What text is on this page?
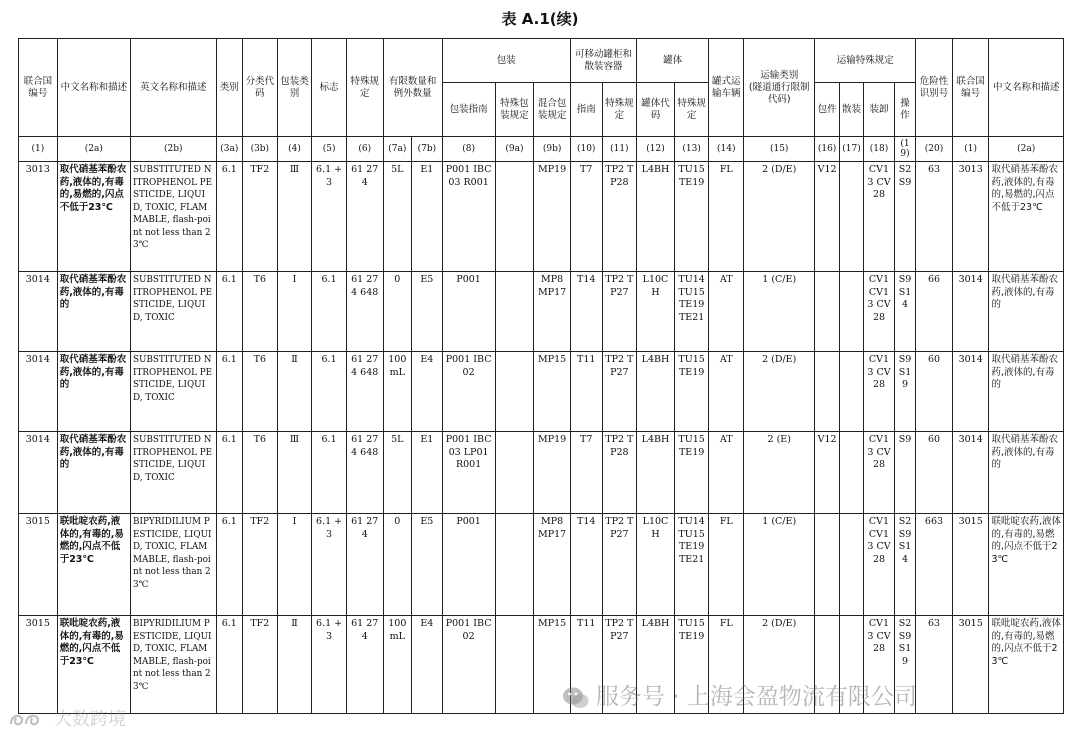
表 A.1(续)
联合国编号	中文名称和描述	英文名称和描述	类别	分类代码	包装类别	标志	特殊规定	有限数量和例外数量		包装			可移动罐柜和散装容器		罐体		罐式运输车辆	运输类别
(隧道通行限制代码)	运输特殊规定				危险性识别号	联合国编号	中文名称和描述
										包装指南	特殊包装规定	混合包装规定	指南	特殊规定	罐体代码	特殊规定			包件	散装	装卸	操作			
(1)	(2a)	(2b)	(3a)	(3b)	(4)	(5)	(6)	(7a)	(7b)	(8)	(9a)	(9b)	(10)	(11)	(12)	(13)	(14)	(15)	(16)	(17)	(18)	(19)	(20)	(1)	(2a)
3013	取代硝基苯酚农药,液体的,有毒的,易燃的,闪点不低于23℃	SUBSTITUTED NITROPHENOL PESTICIDE, LIQUID, TOXIC, FLAMMABLE, flash-point not less than 23℃	6.1	TF2	Ⅲ	6.1 + 3	61 274	5L	E1	P001 IBC03 R001		MP19	T7	TP2 TP28	L4BH	TU15 TE19	FL	2 (D/E)	V12		CV13 CV28	S2 S9	63	3013	取代硝基苯酚农药,液体的,有毒的,易燃的,闪点不低于23℃
3014	取代硝基苯酚农药,液体的,有毒的	SUBSTITUTED NITROPHENOL PESTICIDE, LIQUID, TOXIC	6.1	T6	Ⅰ	6.1	61 274 648	0	E5	P001		MP8 MP17	T14	TP2 TP27	L10CH	TU14 TU15 TE19 TE21	AT	1 (C/E)			CV1 CV13 CV28	S9 S14	66	3014	取代硝基苯酚农药,液体的,有毒的
3014	取代硝基苯酚农药,液体的,有毒的	SUBSTITUTED NITROPHENOL PESTICIDE, LIQUID, TOXIC	6.1	T6	Ⅱ	6.1	61 274 648	100mL	E4	P001 IBC02		MP15	T11	TP2 TP27	L4BH	TU15 TE19	AT	2 (D/E)			CV13 CV28	S9 S19	60	3014	取代硝基苯酚农药,液体的,有毒的
3014	取代硝基苯酚农药,液体的,有毒的	SUBSTITUTED NITROPHENOL PESTICIDE, LIQUID, TOXIC	6.1	T6	Ⅲ	6.1	61 274 648	5L	E1	P001 IBC03 LP01 R001		MP19	T7	TP2 TP28	L4BH	TU15 TE19	AT	2 (E)	V12		CV13 CV28	S9	60	3014	取代硝基苯酚农药,液体的,有毒的
3015	联吡啶农药,液体的,有毒的,易燃的,闪点不低于23℃	BIPYRIDILIUM PESTICIDE, LIQUID, TOXIC, FLAMMABLE, flash-point not less than 23℃	6.1	TF2	Ⅰ	6.1 + 3	61 274	0	E5	P001		MP8 MP17	T14	TP2 TP27	L10CH	TU14 TU15 TE19 TE21	FL	1 (C/E)			CV1 CV13 CV28	S2 S9 S14	663	3015	联吡啶农药,液体的,有毒的,易燃的,闪点不低于23℃
3015	联吡啶农药,液体的,有毒的,易燃的,闪点不低于23℃	BIPYRIDILIUM PESTICIDE, LIQUID, TOXIC, FLAMMABLE, flash-point not less than 23℃	6.1	TF2	Ⅱ	6.1 + 3	61 274	100mL	E4	P001 IBC02		MP15	T11	TP2 TP27	L4BH	TU15 TE19	FL	2 (D/E)			CV13 CV28	S2 S9 S19	63	3015	联吡啶农药,液体的,有毒的,易燃的,闪点不低于23℃
服务号 · 上海会盈物流有限公司
大数跨境
